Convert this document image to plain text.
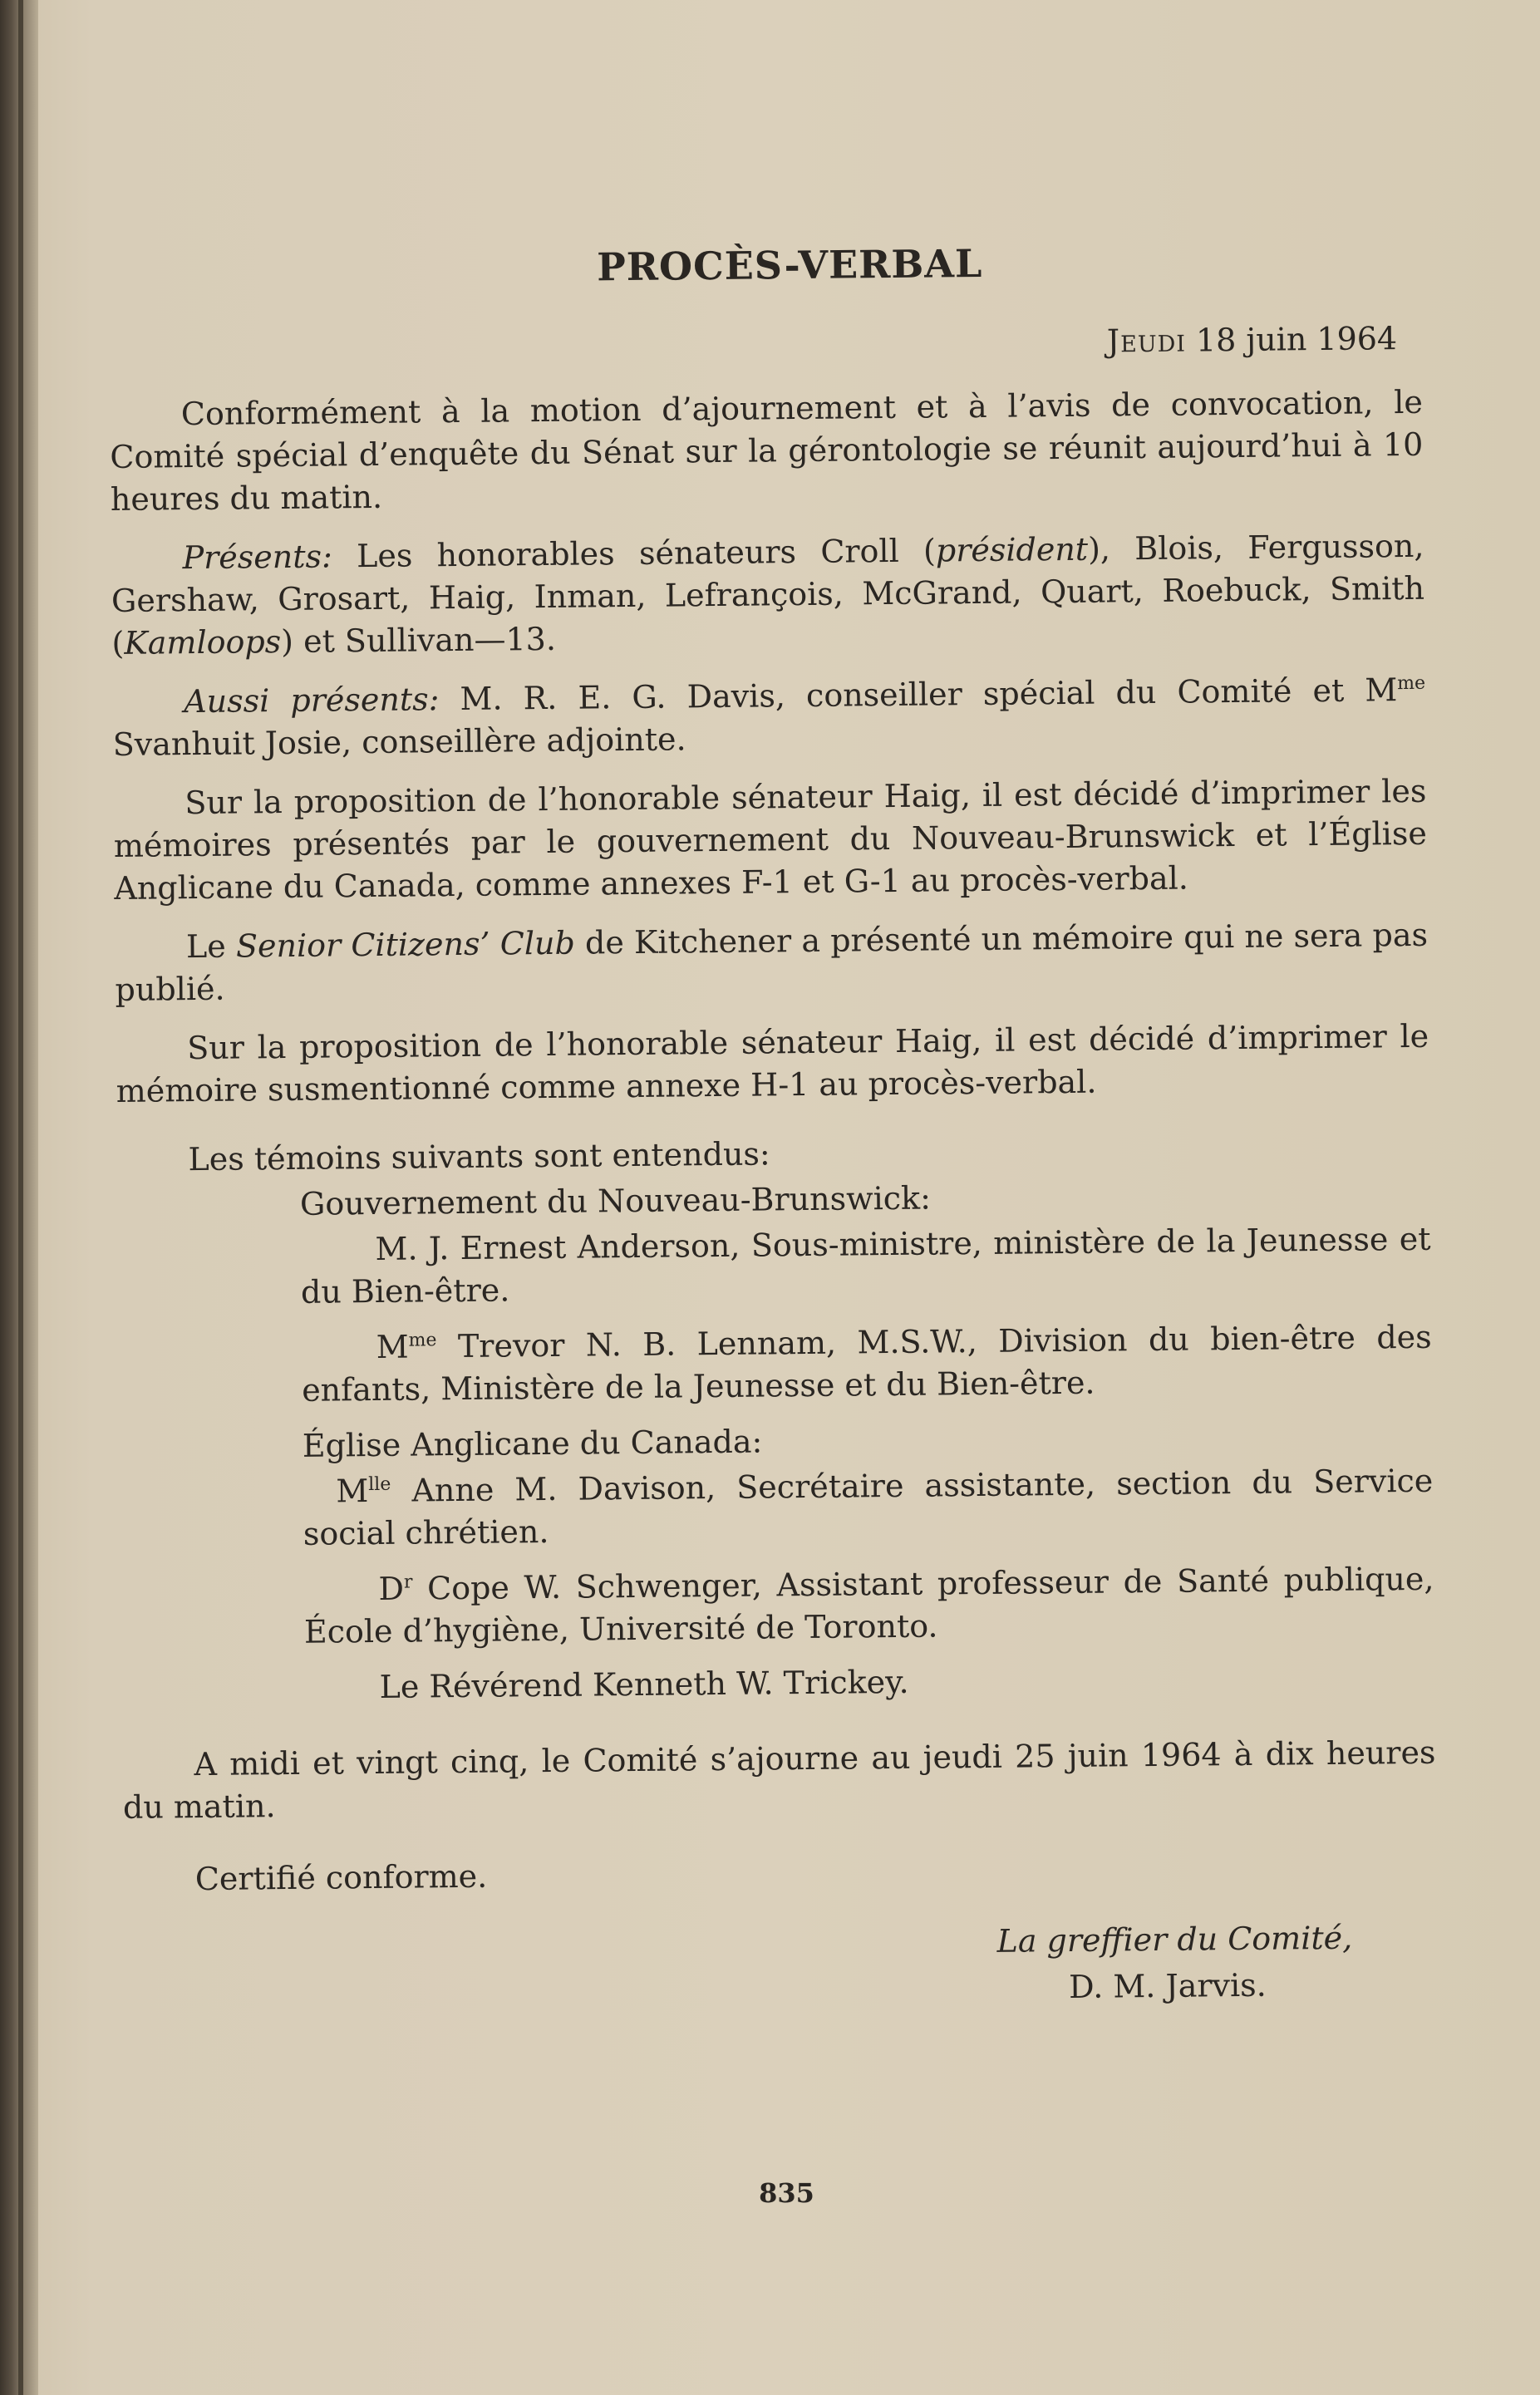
PROCÈS-VERBAL
Jeudi 18 juin 1964

Conformément à la motion d’ajournement et à l’avis de convocation, le Comité spécial d’enquête du Sénat sur la gérontologie se réunit aujourd’hui à 10 heures du matin.

Présents: Les honorables sénateurs Croll (président), Blois, Fergusson, Gershaw, Grosart, Haig, Inman, Lefrançois, McGrand, Quart, Roebuck, Smith (Kamloops) et Sullivan—13.

Aussi présents: M. R. E. G. Davis, conseiller spécial du Comité et $M^{me}$ Svanhuit Josie, conseillère adjointe.

Sur la proposition de l’honorable sénateur Haig, il est décidé d’imprimer les mémoires présentés par le gouvernement du Nouveau-Brunswick et l’Église Anglicane du Canada, comme annexes F-1 et G-1 au procès-verbal.

Le Senior Citizens’ Club de Kitchener a présenté un mémoire qui ne sera pas publié.

Sur la proposition de l’honorable sénateur Haig, il est décidé d’imprimer le mémoire susmentionné comme annexe H-1 au procès-verbal.

Les témoins suivants sont entendus:
Gouvernement du Nouveau-Brunswick:
M. J. Ernest Anderson, Sous-ministre, ministère de la Jeunesse et du Bien-être.
$M^{me}$ Trevor N. B. Lennam, M.S.W., Division du bien-être des enfants, Ministère de la Jeunesse et du Bien-être.
Église Anglicane du Canada:
$M^{lle}$ Anne M. Davison, Secrétaire assistante, section du Service social chrétien.
$D^r$ Cope W. Schwenger, Assistant professeur de Santé publique, École d’hygiène, Université de Toronto.
Le Révérend Kenneth W. Trickey.

A midi et vingt cinq, le Comité s’ajourne au jeudi 25 juin 1964 à dix heures du matin.

Certifié conforme.
La greffier du Comité,
D. M. Jarvis.
835
